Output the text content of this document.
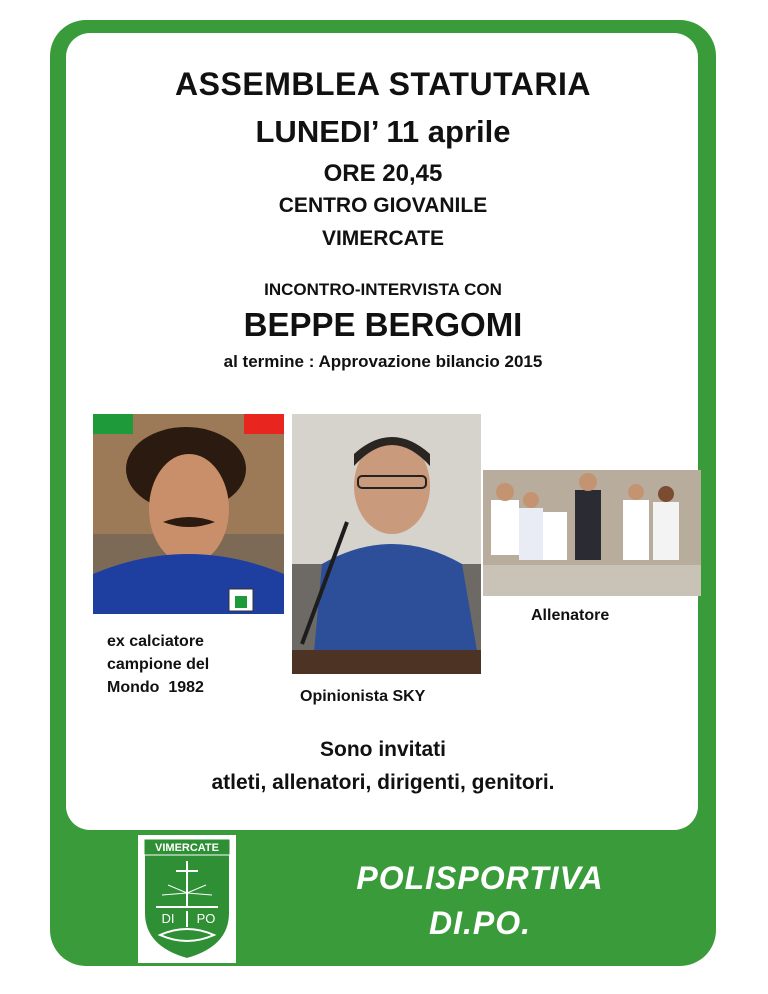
ASSEMBLEA STATUTARIA
LUNEDI’ 11 aprile
ORE 20,45
CENTRO GIOVANILE
VIMERCATE
INCONTRO-INTERVISTA CON
BEPPE BERGOMI
al termine : Approvazione bilancio 2015
Allenatore
ex calciatore
campione del
Mondo  1982
Opinionista SKY
Sono invitati
atleti, allenatori, dirigenti, genitori.
VIMERCATE
DI PO
POLISPORTIVA
DI.PO.
